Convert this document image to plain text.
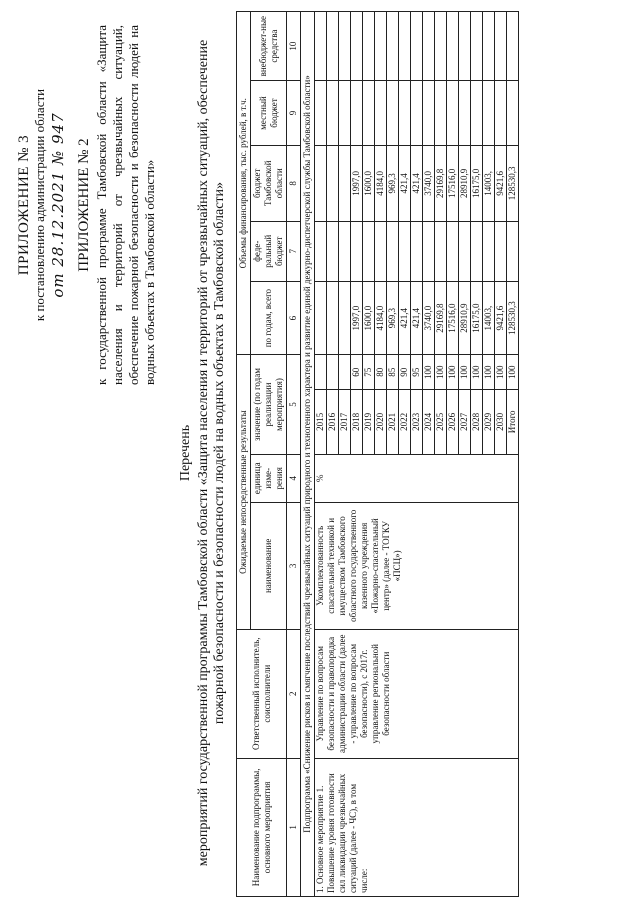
ПРИЛОЖЕНИЕ № 3 к постановлению администрации области от 28.12.2021 № 947 ПРИЛОЖЕНИЕ № 2 к государственной программе Тамбовской области «Защита населения и территорий от чрезвычайных ситуаций, обеспечение пожарной безопасности и безопасности людей на водных объектах в Тамбовской области»

Перечень мероприятий государственной программы Тамбовской области «Защита населения и территорий от чрезвычайных ситуаций, обеспечение пожарной безопасности и безопасности людей на водных объектах в Тамбовской области»

Наименование подпрограммы, основного мероприятия	Ответственный исполнитель, соисполнители	Ожидаемые непосредственные результаты				Объемы финансирования, тыс. рублей, в т.ч.				
		наименование	единица изме-рения	значение (по годам реализации мероприятия)		по годам, всего	феде-ральный бюджет	бюджет Тамбовской области	местный бюджет	внебюджет-ные средства
1	2	3	4	5		6	7	8	9	10
Подпрограмма «Снижение рисков и смягчение последствий чрезвычайных ситуаций природного и техногенного характера и развитие единой дежурно-диспетчерской службы Тамбовской области»										
1. Основное мероприятие 1. Повышение уровня готовности сил ликвидации чрезвычайных ситуаций (далее - ЧС), в том числе:	Управление по вопросам безопасности и правопорядка администрации области (далее - управление по вопросам безопасности), с 2017г. управление региональной безопасности области	Укомплектованность спасательной техникой и имуществом Тамбовского областного государственного казенного учреждения «Пожарно-спасательный центр» (далее - ТОГКУ «ПСЦ»)	%	2015						
				2016						
				2017						
				2018	60	1997,0		1997,0		
				2019	75	1600,0		1600,0		
				2020	80	4184,0		4184,0		
				2021	85	969,3		969,3		
				2022	90	421,4		421,4		
				2023	95	421,4		421,4		
				2024	100	3740,0		3740,0		
				2025	100	29169,8		29169,8		
				2026	100	17516,0		17516,0		
				2027	100	28910,9		28910,9		
				2028	100	16175,0		16175,0		
				2029	100	14003,		14003,		
				2030	100	9421,6		9421,6		
				Итого	100	128530,3		128530,3		
